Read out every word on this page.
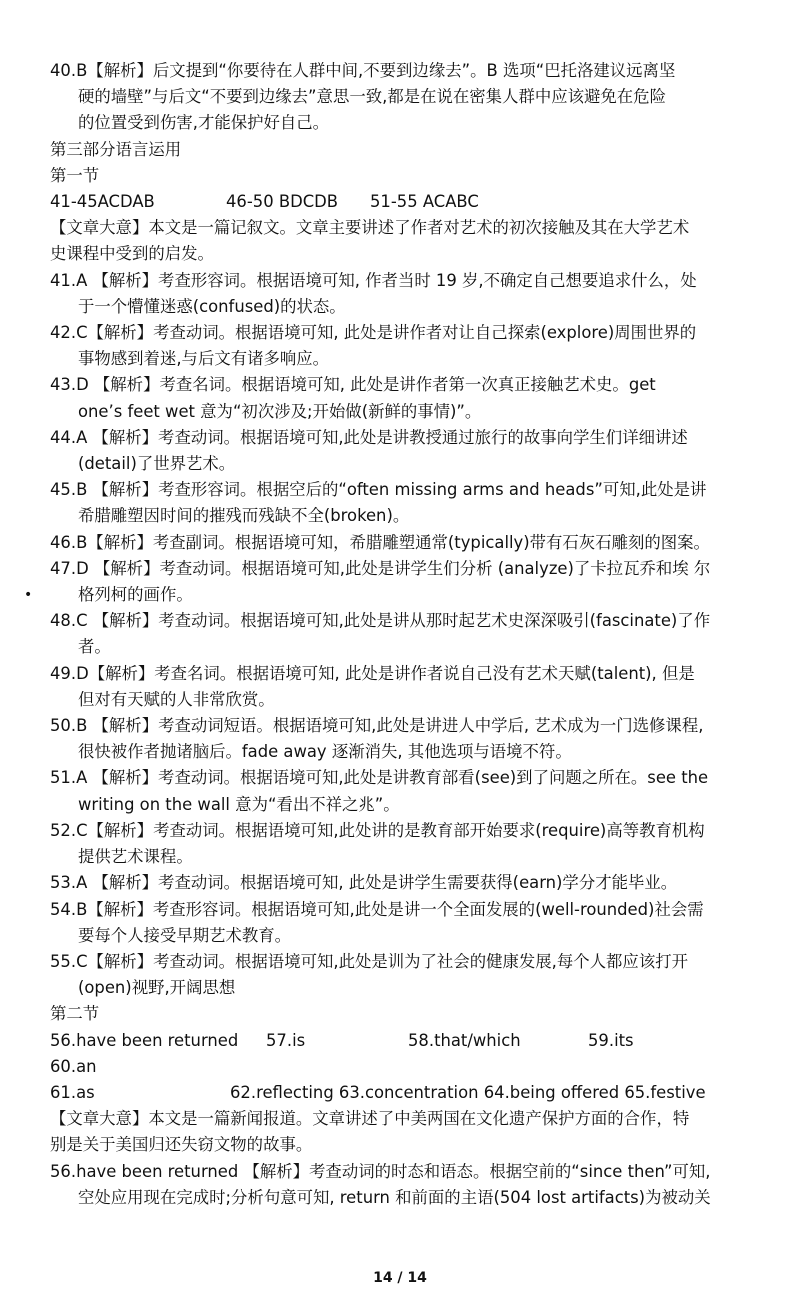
40.B【解析】后文提到“你要待在人群中间,不要到边缘去”。B 选项“巴托洛建议远离坚
硬的墙壁”与后文“不要到边缘去”意思一致,都是在说在密集人群中应该避免在危险
的位置受到伤害,才能保护好自己。
第三部分语言运用
第一节
41-45ACDAB	46-50 BDCDB 51-55 ACABC
【文章大意】本文是一篇记叙文。文章主要讲述了作者对艺术的初次接触及其在大学艺术
史课程中受到的启发。
41.A 【解析】考查形容词。根据语境可知, 作者当时 19 岁,不确定自己想要追求什么，处
于一个懵懂迷惑(confused)的状态。
42.C【解析】考查动词。根据语境可知, 此处是讲作者对让自己探索(explore)周围世界的
事物感到着迷,与后文有诸多响应。
43.D 【解析】考查名词。根据语境可知, 此处是讲作者第一次真正接触艺术史。get
one’s feet wet 意为“初次涉及;开始做(新鲜的事情)”。
44.A 【解析】考查动词。根据语境可知,此处是讲教授通过旅行的故事向学生们详细讲述
(detail)了世界艺术。
45.B 【解析】考查形容词。根据空后的“often missing arms and heads”可知,此处是讲
希腊雕塑因时间的摧残而残缺不全(broken)。
46.B【解析】考查副词。根据语境可知，希腊雕塑通常(typically)带有石灰石雕刻的图案。
47.D 【解析】考查动词。根据语境可知,此处是讲学生们分析 (analyze)了卡拉瓦乔和埃 尔
•	格列柯的画作。
48.C 【解析】考查动词。根据语境可知,此处是讲从那时起艺术史深深吸引(fascinate)了作
者。
49.D【解析】考查名词。根据语境可知, 此处是讲作者说自己没有艺术天赋(talent), 但是
但对有天赋的人非常欣赏。
50.B 【解析】考查动词短语。根据语境可知,此处是讲进人中学后, 艺术成为一门选修课程,
很快被作者抛诸脑后。fade away 逐渐消失, 其他选项与语境不符。
51.A 【解析】考查动词。根据语境可知,此处是讲教育部看(see)到了问题之所在。see the
writing on the wall 意为“看出不祥之兆”。
52.C【解析】考查动词。根据语境可知,此处讲的是教育部开始要求(require)高等教育机构
提供艺术课程。
53.A 【解析】考查动词。根据语境可知, 此处是讲学生需要获得(earn)学分才能毕业。
54.B【解析】考查形容词。根据语境可知,此处是讲一个全面发展的(well-rounded)社会需
要每个人接受早期艺术教育。
55.C【解析】考查动词。根据语境可知,此处是训为了社会的健康发展,每个人都应该打开
(open)视野,开阔思想
第二节
56.have been returned 57.is	58.that/which	59.its
60.an
61.as	62.reflecting 63.concentration 64.being offered 65.festive
【文章大意】本文是一篇新闻报道。文章讲述了中美两国在文化遗产保护方面的合作，特
别是关于美国归还失窃文物的故事。
56.have been returned 【解析】考查动词的时态和语态。根据空前的“since then”可知,
空处应用现在完成时;分析句意可知, return 和前面的主语(504 lost artifacts)为被动关
14 / 14
